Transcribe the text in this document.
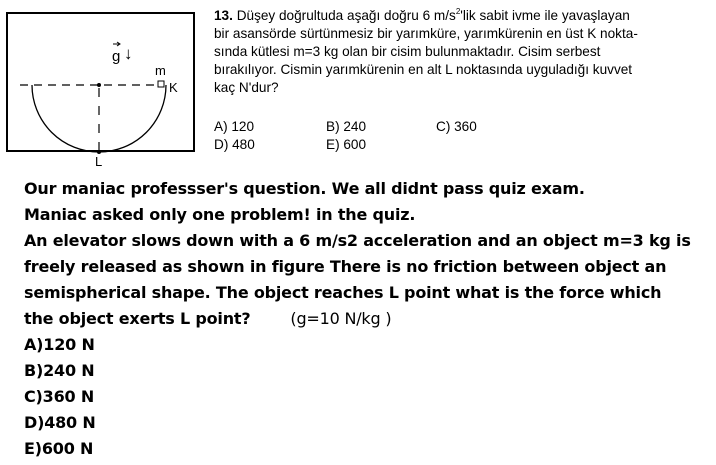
g ↓
m
K
L
13. Düşey doğrultuda aşağı doğru 6 $m/s^2'lik$ sabit ivme ile yavaşlayan
bir asansörde sürtünmesiz bir yarımküre, yarımkürenin en üst K nokta-
sında kütlesi m=3 kg olan bir cisim bulunmaktadır. Cisim serbest
bırakılıyor. Cismin yarımkürenin en alt L noktasında uyguladığı kuvvet
kaç N'dur?
A) 120	B) 240	C) 360
D) 480	E) 600
Our maniac professser's question. We all didnt pass quiz exam.
Maniac asked only one problem! in the quiz.
An elevator slows down with a 6 m/s2 acceleration and an object m=3 kg is
freely released as shown in figure There is no friction between object an
semispherical shape. The object reaches L point what is the force which
the object exerts L point?	(g=10 N/kg )
A)120 N
B)240 N
C)360 N
D)480 N
E)600 N
